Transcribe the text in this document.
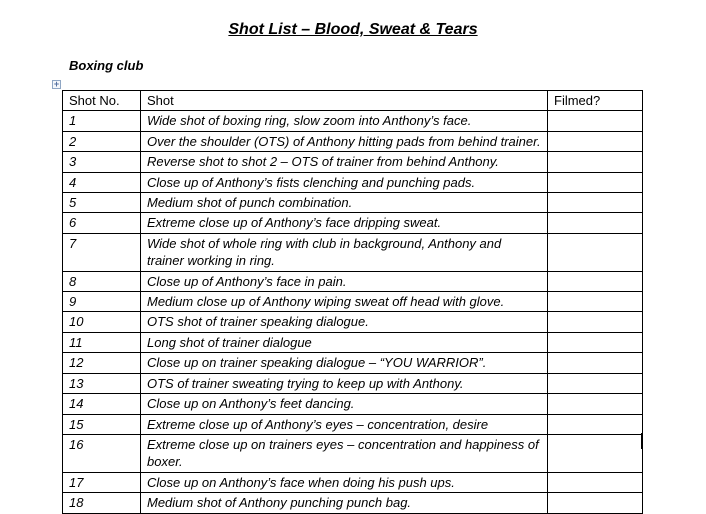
Shot List – Blood, Sweat & Tears
Boxing club
+
Shot No.	Shot	Filmed?
1	Wide shot of boxing ring, slow zoom into Anthony’s face.	
2	Over the shoulder (OTS) of Anthony hitting pads from behind trainer.	
3	Reverse shot to shot 2 – OTS of trainer from behind Anthony.	
4	Close up of Anthony’s fists clenching and punching pads.	
5	Medium shot of punch combination.	
6	Extreme close up of Anthony’s face dripping sweat.	
7	Wide shot of whole ring with club in background, Anthony and trainer working in ring.	
8	Close up of Anthony’s face in pain.	
9	Medium close up of Anthony wiping sweat off head with glove.	
10	OTS shot of trainer speaking dialogue.	
11	Long shot of trainer dialogue	
12	Close up on trainer speaking dialogue – “YOU WARRIOR”.	
13	OTS of trainer sweating trying to keep up with Anthony.	
14	Close up on Anthony’s feet dancing.	
15	Extreme close up of Anthony’s eyes – concentration, desire	
16	Extreme close up on trainers eyes – concentration and happiness of boxer.	
17	Close up on Anthony’s face when doing his push ups.	
18	Medium shot of Anthony punching punch bag.	
